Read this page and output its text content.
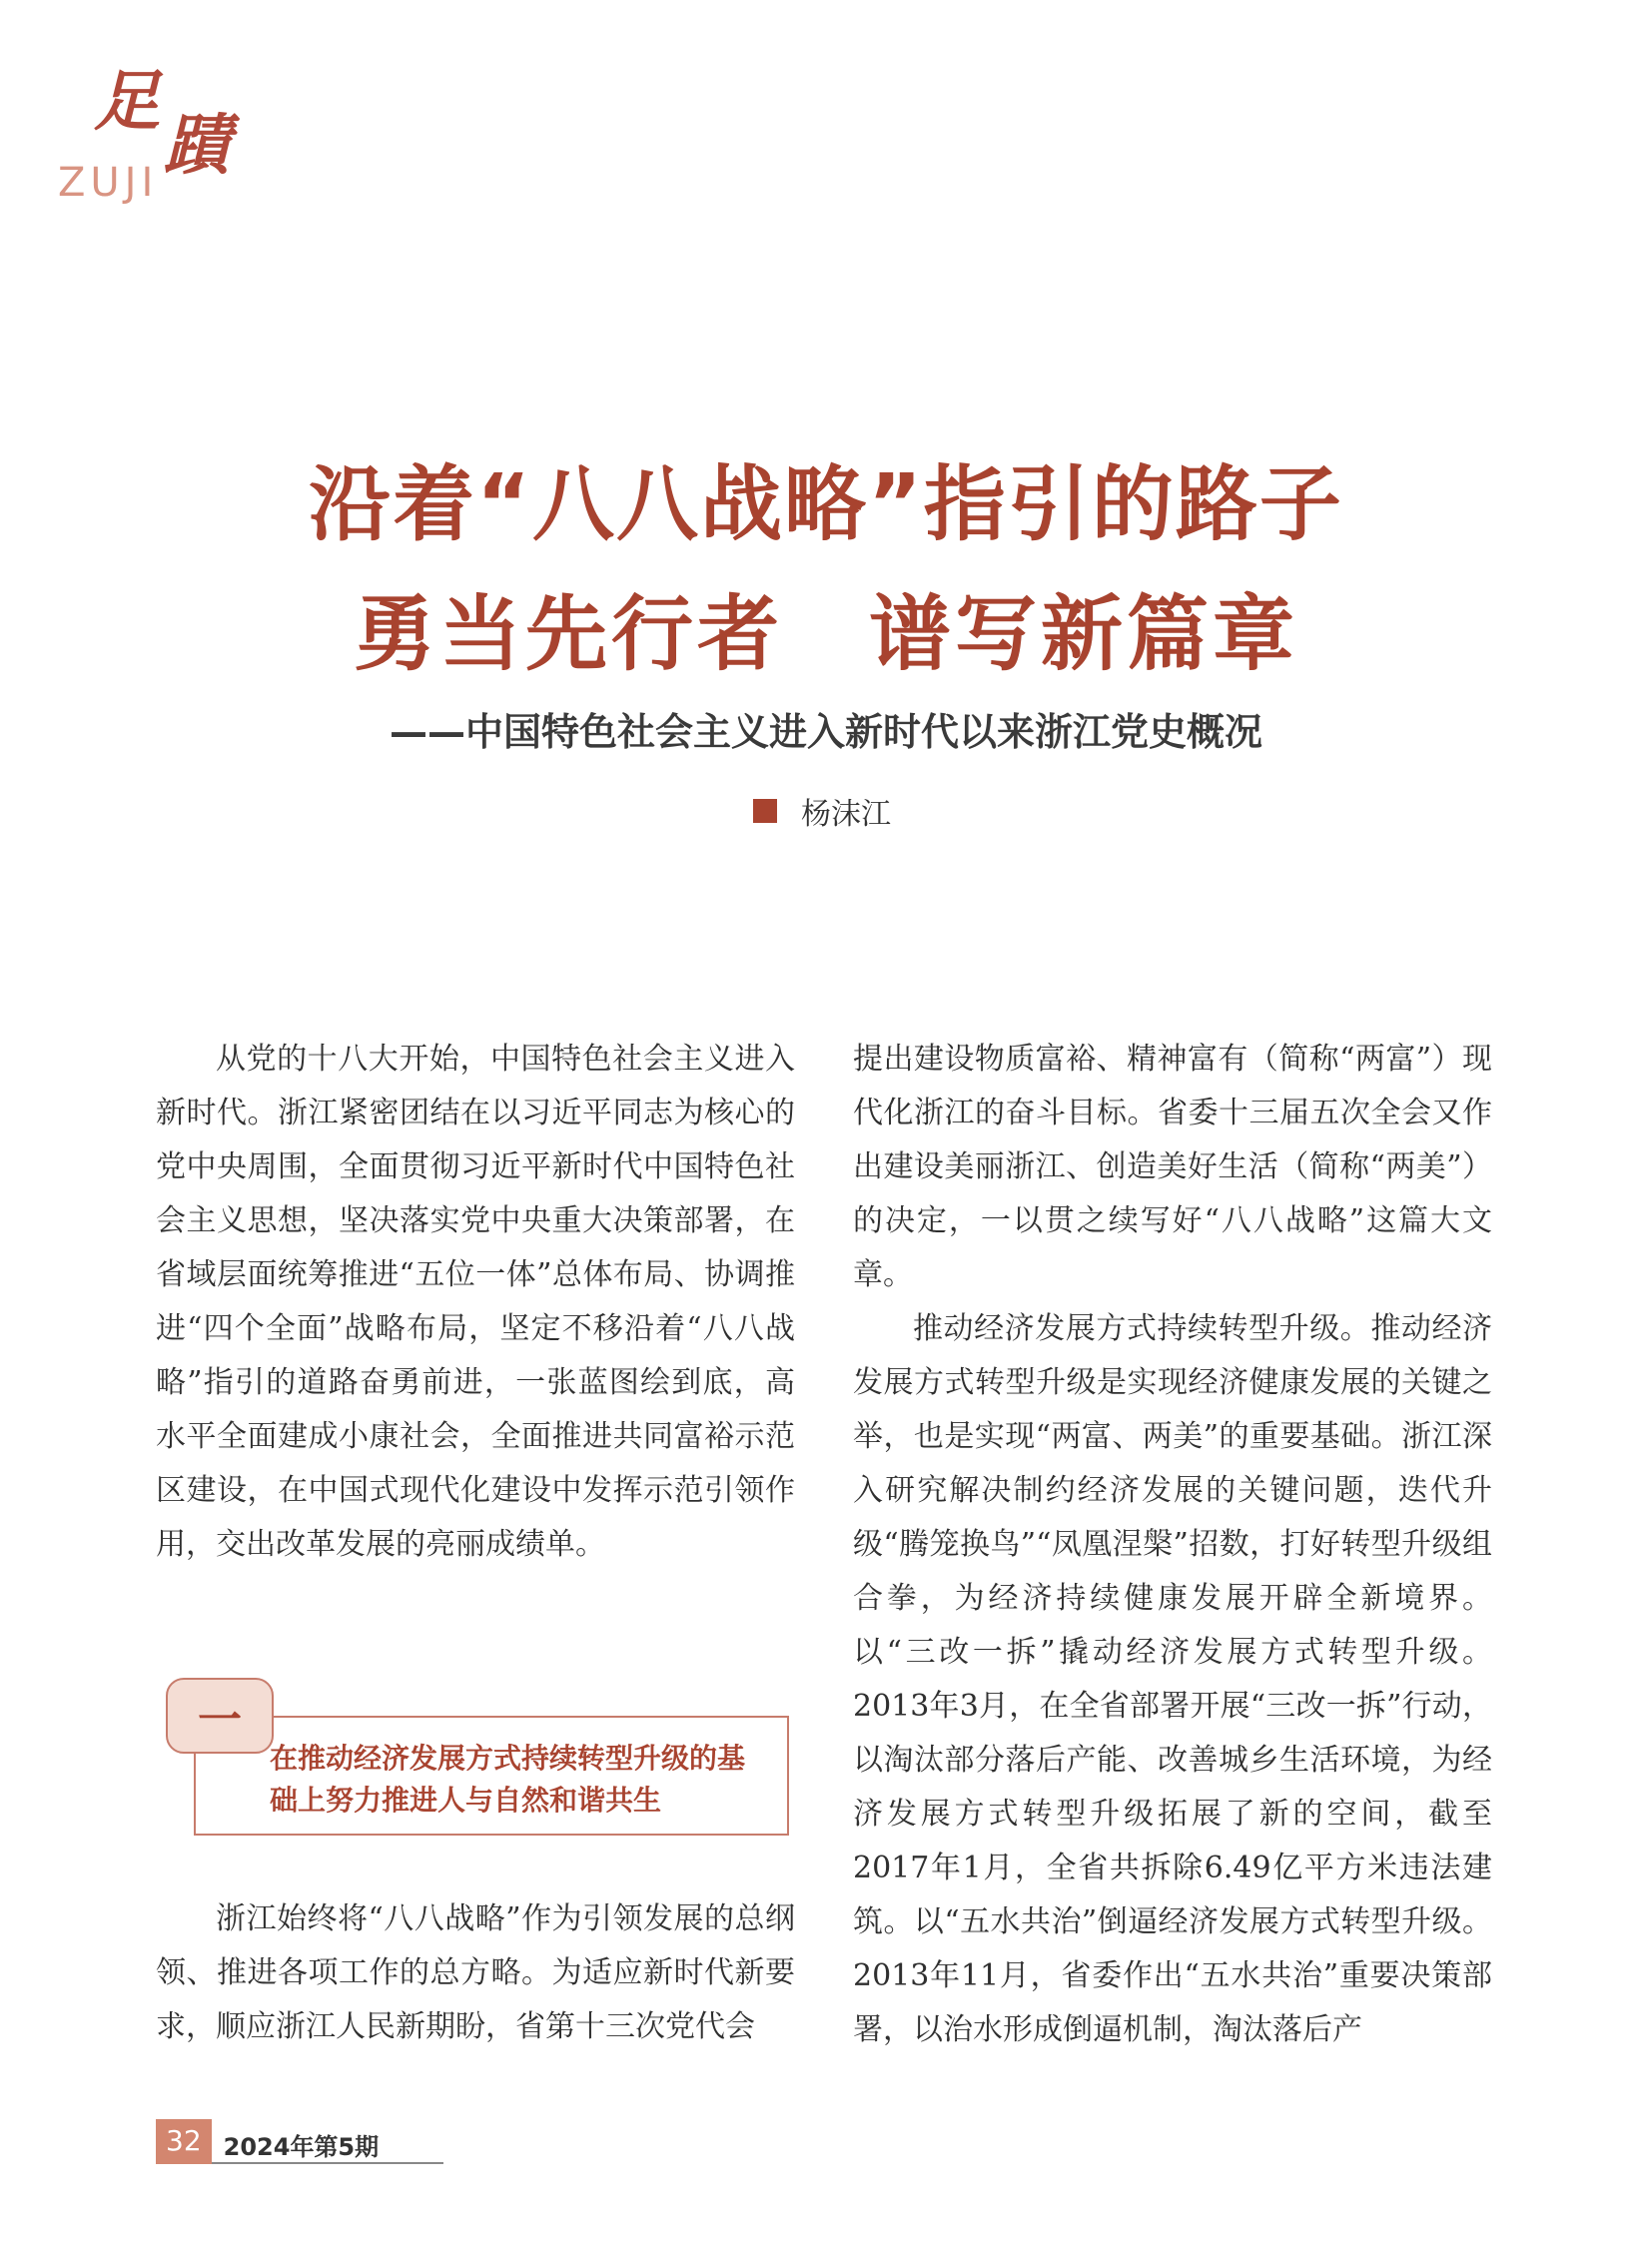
足
蹟
ZUJI
沿着“八八战略”指引的路子
勇当先行者　谱写新篇章
——中国特色社会主义进入新时代以来浙江党史概况
杨沫江

从党的十八大开始，中国特色社会主义进入新时代。浙江紧密团结在以习近平同志为核心的党中央周围，全面贯彻习近平新时代中国特色社会主义思想，坚决落实党中央重大决策部署，在省域层面统筹推进“五位一体”总体布局、协调推进“四个全面”战略布局，坚定不移沿着“八八战略”指引的道路奋勇前进，一张蓝图绘到底，高水平全面建成小康社会，全面推进共同富裕示范区建设，在中国式现代化建设中发挥示范引领作用，交出改革发展的亮丽成绩单。

一
在推动经济发展方式持续转型升级的基础上努力推进人与自然和谐共生

浙江始终将“八八战略”作为引领发展的总纲领、推进各项工作的总方略。为适应新时代新要求，顺应浙江人民新期盼，省第十三次党代会

提出建设物质富裕、精神富有（简称“两富”）现代化浙江的奋斗目标。省委十三届五次全会又作出建设美丽浙江、创造美好生活（简称“两美”）的决定，一以贯之续写好“八八战略”这篇大文章。

推动经济发展方式持续转型升级。推动经济发展方式转型升级是实现经济健康发展的关键之举，也是实现“两富、两美”的重要基础。浙江深入研究解决制约经济发展的关键问题，迭代升级“腾笼换鸟”“凤凰涅槃”招数，打好转型升级组合拳，为经济持续健康发展开辟全新境界。以“三改一拆”撬动经济发展方式转型升级。2013年3月，在全省部署开展“三改一拆”行动，以淘汰部分落后产能、改善城乡生活环境，为经济发展方式转型升级拓展了新的空间，截至2017年1月，全省共拆除6.49亿平方米违法建筑。以“五水共治”倒逼经济发展方式转型升级。2013年11月，省委作出“五水共治”重要决策部署，以治水形成倒逼机制，淘汰落后产

32 2024年第5期
